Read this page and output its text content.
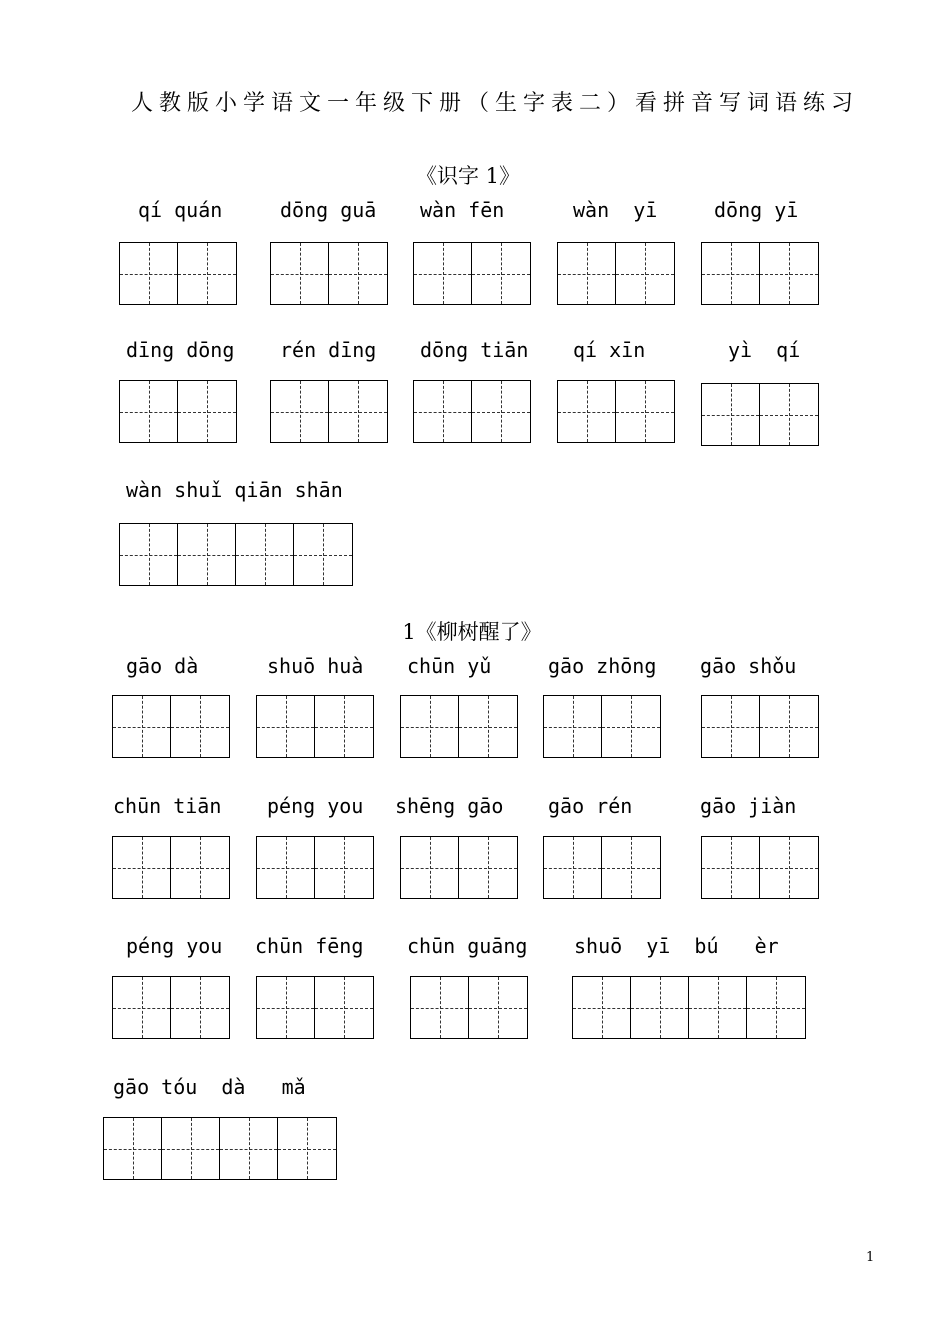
人教版小学语文一年级下册（生字表二）看拼音写词语练习
《识字 1》
qí quán	dōng guā wàn fēn	wàn  yī	dōng yī
dīng dōng rén dīng dōng tiān qí xīn	yì  qí
wàn shuǐ qiān shān
1《柳树醒了》
gāo dà	shuō huà chūn yǔ	gāo zhōng gāo shǒu
chūn tiān péng you shēng gāo gāo rén	gāo jiàn
péng you chūn fēng chūn guāng shuō  yī  bú   èr
gāo tóu  dà   mǎ
1
